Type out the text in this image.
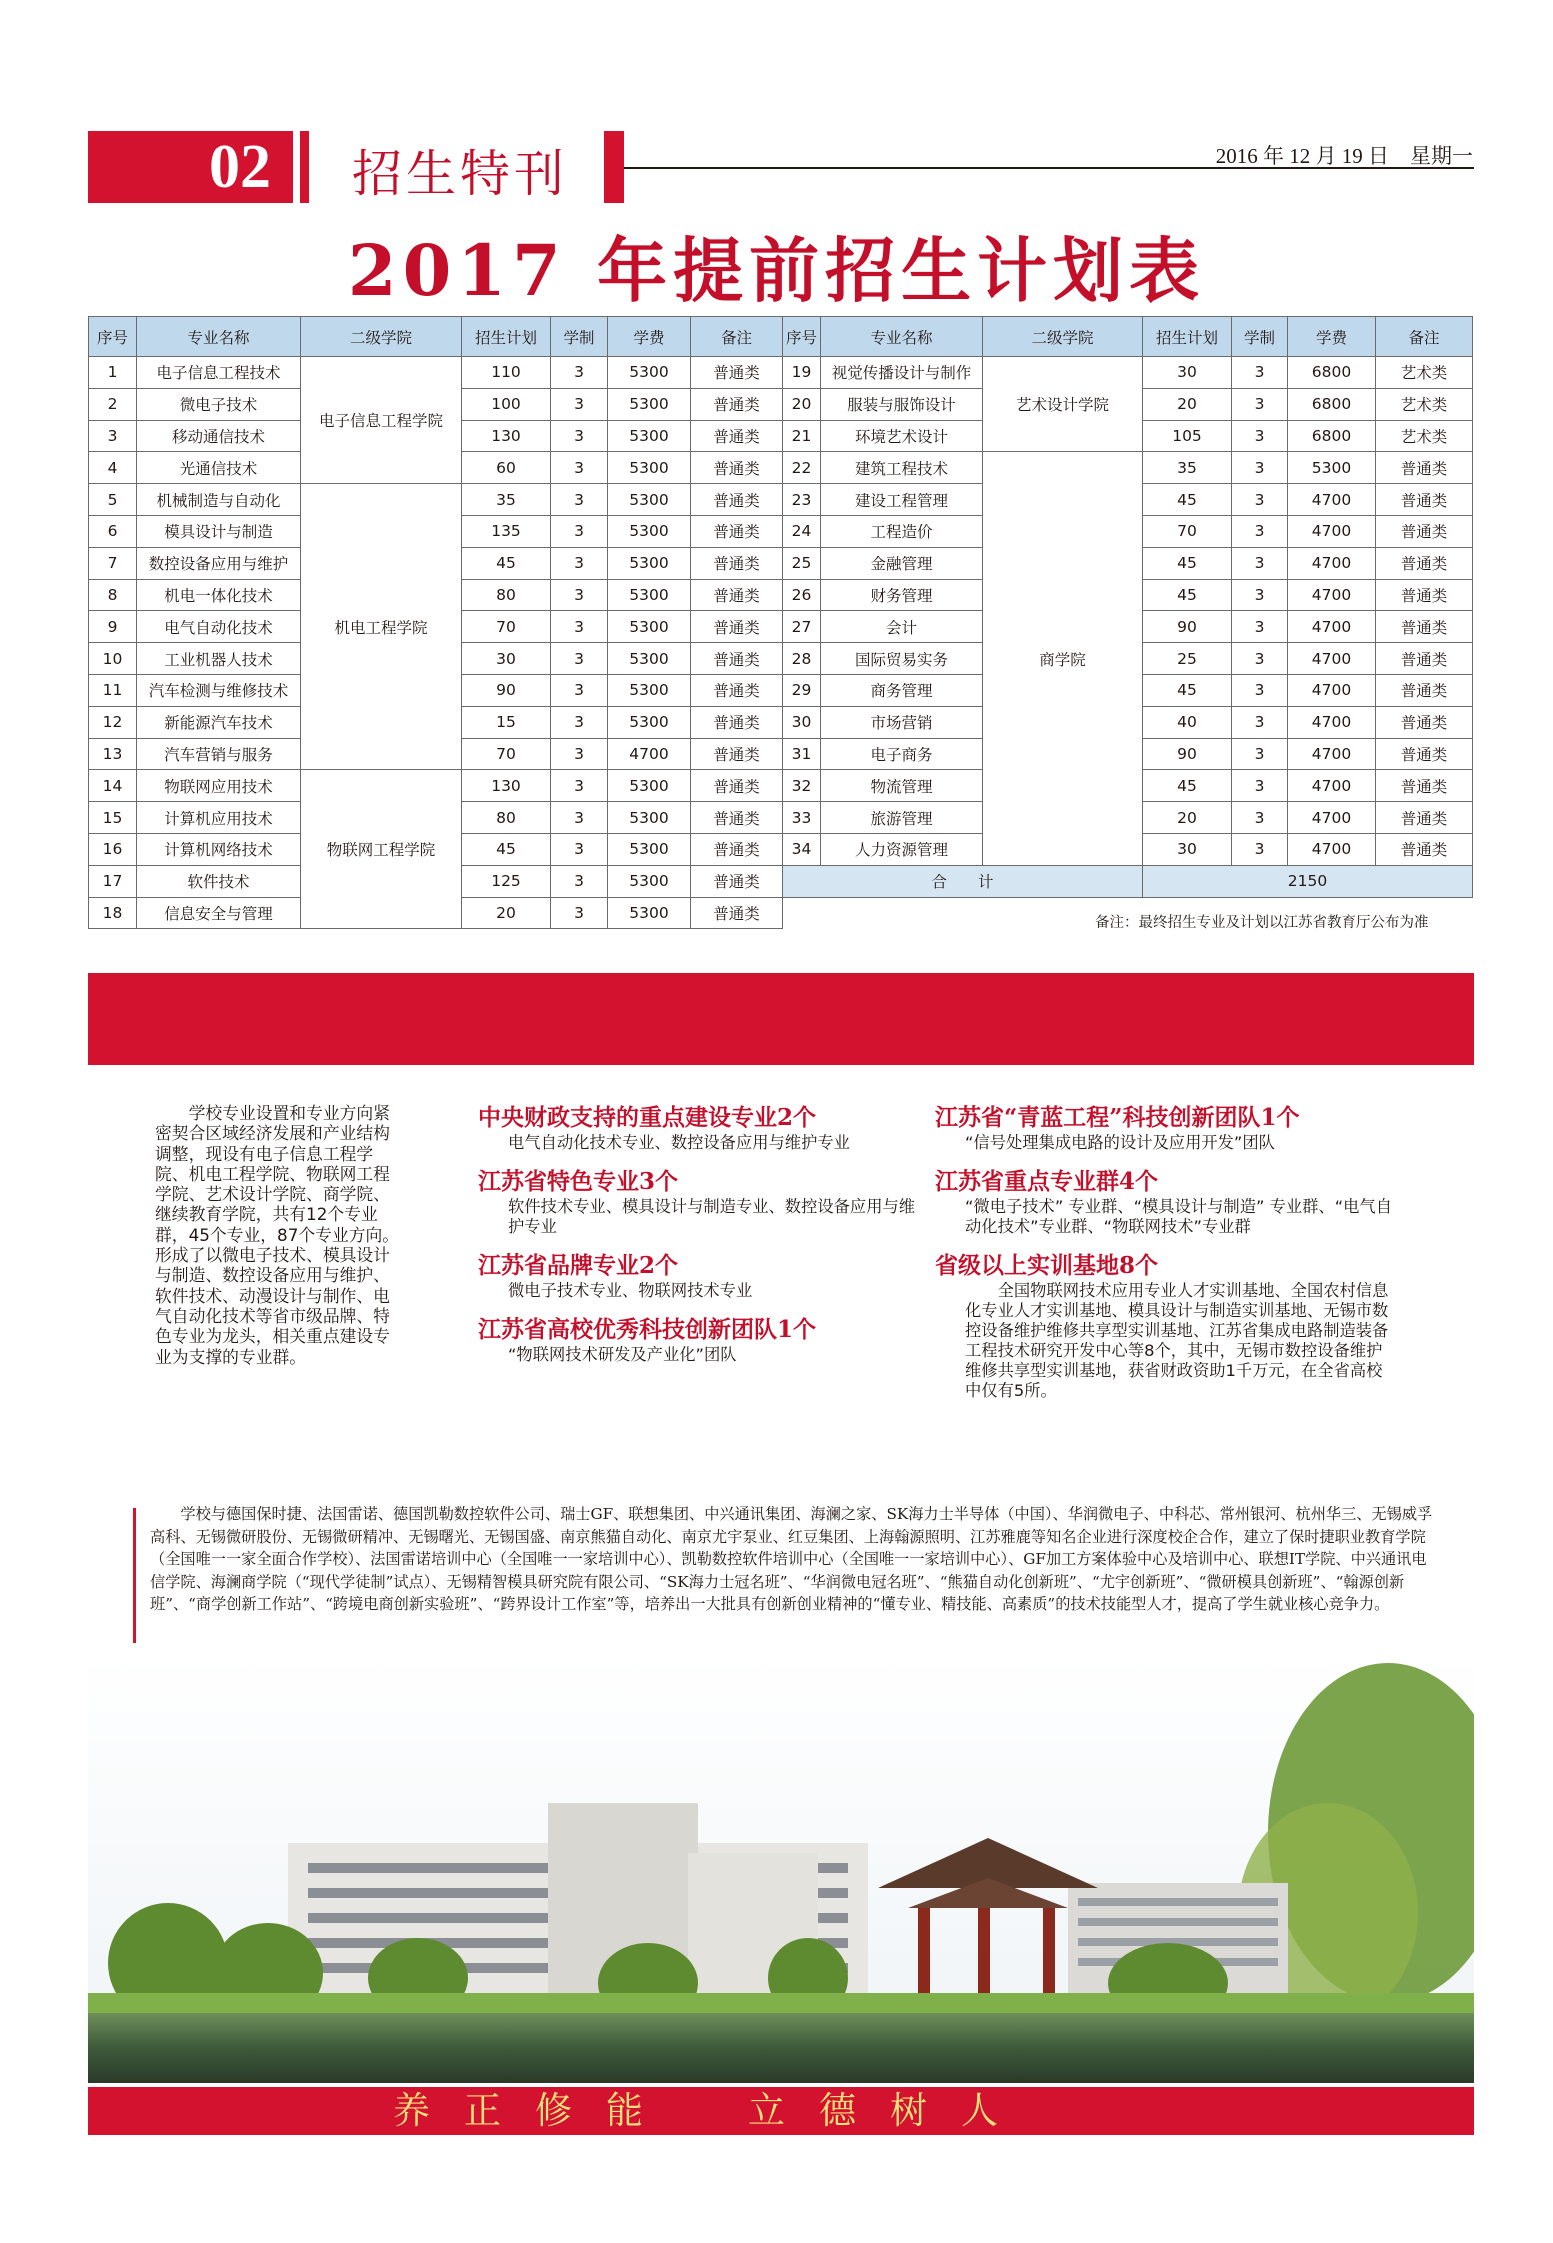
02	招生特刊	2016 年 12 月 19 日　星期一
2017 年提前招生计划表
序号	专业名称	二级学院	招生计划	学制	学费	备注
1	电子信息工程技术	电子信息工程学院	110	3	5300	普通类
2	微电子技术		100	3	5300	普通类
3	移动通信技术		130	3	5300	普通类
4	光通信技术		60	3	5300	普通类
5	机械制造与自动化	机电工程学院	35	3	5300	普通类
6	模具设计与制造		135	3	5300	普通类
7	数控设备应用与维护		45	3	5300	普通类
8	机电一体化技术		80	3	5300	普通类
9	电气自动化技术		70	3	5300	普通类
10	工业机器人技术		30	3	5300	普通类
11	汽车检测与维修技术		90	3	5300	普通类
12	新能源汽车技术		15	3	5300	普通类
13	汽车营销与服务		70	3	4700	普通类
14	物联网应用技术	物联网工程学院	130	3	5300	普通类
15	计算机应用技术		80	3	5300	普通类
16	计算机网络技术		45	3	5300	普通类
17	软件技术		125	3	5300	普通类
18	信息安全与管理		20	3	5300	普通类
序号	专业名称	二级学院	招生计划	学制	学费	备注
19	视觉传播设计与制作	艺术设计学院	30	3	6800	艺术类
20	服装与服饰设计		20	3	6800	艺术类
21	环境艺术设计		105	3	6800	艺术类
22	建筑工程技术	商学院	35	3	5300	普通类
23	建设工程管理		45	3	4700	普通类
24	工程造价		70	3	4700	普通类
25	金融管理		45	3	4700	普通类
26	财务管理		45	3	4700	普通类
27	会计		90	3	4700	普通类
28	国际贸易实务		25	3	4700	普通类
29	商务管理		45	3	4700	普通类
30	市场营销		40	3	4700	普通类
31	电子商务		90	3	4700	普通类
32	物流管理		45	3	4700	普通类
33	旅游管理		20	3	4700	普通类
34	人力资源管理		30	3	4700	普通类
合　　计			2150			
备注：最终招生专业及计划以江苏省教育厅公布为准
学校专业设置和专业方向紧密契合区域经济发展和产业结构调整，现设有电子信息工程学院、机电工程学院、物联网工程学院、艺术设计学院、商学院、继续教育学院，共有12个专业群，45个专业，87个专业方向。形成了以微电子技术、模具设计与制造、数控设备应用与维护、软件技术、动漫设计与制作、电气自动化技术等省市级品牌、特色专业为龙头，相关重点建设专业为支撑的专业群。
中央财政支持的重点建设专业2个
电气自动化技术专业、数控设备应用与维护专业
江苏省特色专业3个
软件技术专业、模具设计与制造专业、数控设备应用与维护专业
江苏省品牌专业2个
微电子技术专业、物联网技术专业
江苏省高校优秀科技创新团队1个
“物联网技术研发及产业化”团队
江苏省“青蓝工程”科技创新团队1个
“信号处理集成电路的设计及应用开发”团队
江苏省重点专业群4个
“微电子技术” 专业群、“模具设计与制造” 专业群、“电气自动化技术”专业群、“物联网技术”专业群
省级以上实训基地8个
全国物联网技术应用专业人才实训基地、全国农村信息化专业人才实训基地、模具设计与制造实训基地、无锡市数控设备维护维修共享型实训基地、江苏省集成电路制造装备工程技术研究开发中心等8个，其中，无锡市数控设备维护维修共享型实训基地，获省财政资助1千万元，在全省高校中仅有5所。
学校与德国保时捷、法国雷诺、德国凯勒数控软件公司、瑞士GF、联想集团、中兴通讯集团、海澜之家、SK海力士半导体（中国）、华润微电子、中科芯、常州银河、杭州华三、无锡威孚高科、无锡微研股份、无锡微研精冲、无锡曙光、无锡国盛、南京熊猫自动化、南京尤宇泵业、红豆集团、上海翰源照明、江苏雅鹿等知名企业进行深度校企合作，建立了保时捷职业教育学院（全国唯一一家全面合作学校）、法国雷诺培训中心（全国唯一一家培训中心）、凯勒数控软件培训中心（全国唯一一家培训中心）、GF加工方案体验中心及培训中心、联想IT学院、中兴通讯电信学院、海澜商学院（“现代学徒制”试点）、无锡精智模具研究院有限公司、“SK海力士冠名班”、“华润微电冠名班”、“熊猫自动化创新班”、“尤宇创新班”、“微研模具创新班”、“翰源创新班”、“商学创新工作站”、“跨境电商创新实验班”、“跨界设计工作室”等，培养出一大批具有创新创业精神的“懂专业、精技能、高素质”的技术技能型人才，提高了学生就业核心竞争力。
养正修能　立德树人
